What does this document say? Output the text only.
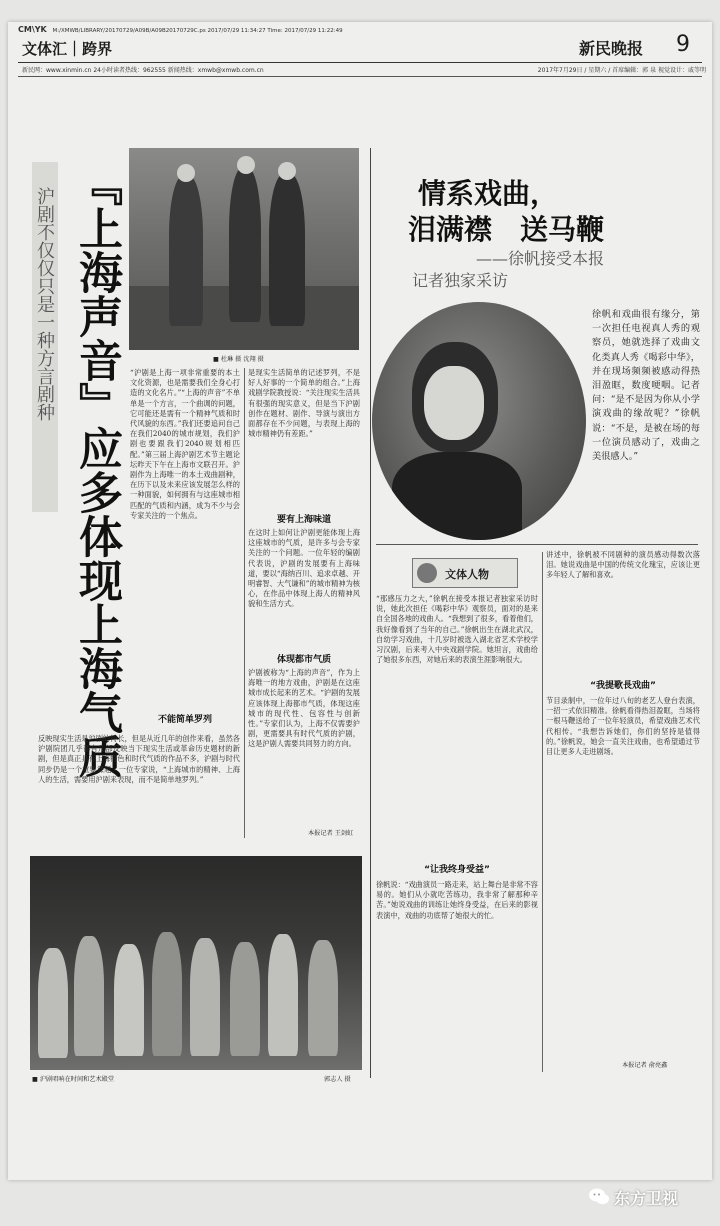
CM\YK M:/XMWB/LIBRARY/20170729/A09B/A09B20170729C.ps 2017/07/29 11:34:27 Time: 2017/07/29 11:22:49
文体汇｜跨界	新民晚报 9
新民网：www.xinmin.cn 24小时读者热线：962555 新闻热线：xmwb@xmwb.com.cn	2017年7月29日 / 星期六 / 首席编辑：郭 泉 视觉设计：戚等明
沪剧不仅仅只是一种方言剧种 『上海声音』应多体现上海气质	■ 杜琳 摄 沈翔 摄
“沪剧是上海一项非常重要的本土文化资源，也是需要我们全身心打造的文化名片。”“上海的声音”不单单是一个方言，一个曲调的问题，它可能还是需有一个精神气质和时代风貌的东西。”我们还要追问自己在我们2040的城市规划，我们沪剧也要跟我们2040规划相匹配。”第三届上海沪剧艺术节主题论坛昨天下午在上海市文联召开。沪剧作为上海唯一的本土戏曲剧种，在历下以及未来应该发展怎么样的一种面貌，如何拥有与这座城市相匹配的气质和内涵，成为不少与会专家关注的一个焦点。
不能简单罗列
反映现实生活是沪剧的特长，但是从近几年的创作来看，虽然各沪剧院团几乎都有几部反映当下现实生活或革命历史题材的新剧，但是真正具有上海特色和时代气质的作品不多，沪剧与时代同步仍是一个重要课题。一位专家说，“上海城市的精神、上海人的生活，需要用沪剧来表现，而不是简单地罗列。”
是现实生活简单的记述罗列，不是好人好事的一个简单的组合。”上海戏剧学院教授说：“关注现实生活具有很强的现实意义，但是当下沪剧创作在题材、剧作、导演与演出方面都存在不少问题，与表现上海的城市精神仍有差距。”
要有上海味道
在这时上如何让沪剧更能体现上海这座城市的气质，是许多与会专家关注的一个问题。一位年轻的编剧代表说，沪剧的发展要有上海味道，要以“海纳百川、追求卓越、开明睿智、大气谦和”的城市精神为核心，在作品中体现上海人的精神风貌和生活方式。
体现都市气质
沪剧被称为“上海的声音”，作为上海唯一的地方戏曲，沪剧是在这座城市成长起来的艺术。“沪剧的发展应该体现上海都市气质，体现这座城市的现代性、包容性与创新性。”专家们认为，上海不仅需要沪剧，更需要具有时代气质的沪剧，这是沪剧人需要共同努力的方向。
本报记者 王剑虹
■ 沪剧唱响在时间和艺术殿堂	郭志人 摄
情系戏曲，
泪满襟　送马鞭
——徐帆接受本报
记者独家采访
徐帆和戏曲很有缘分，第一次担任电视真人秀的观察员，她就选择了戏曲文化类真人秀《喝彩中华》，并在现场频频被感动得热泪盈眶，数度哽咽。记者问：“是不是因为你从小学演戏曲的缘故呢？”徐帆说：“不是，是被在场的每一位演员感动了，戏曲之美很感人。”
文体人物
“那感压力之大，”徐帆在接受本报记者独家采访时说，她此次担任《喝彩中华》观察员，面对的是来自全国各地的戏曲人。“我想到了很多，看着他们，我好像看到了当年的自己。”徐帆出生在湖北武汉，自幼学习戏曲，十几岁时被选入湖北省艺术学校学习汉剧，后来考入中央戏剧学院。她坦言，戏曲给了她很多东西，对她后来的表演生涯影响很大。
“让我终身受益”
徐帆说：“戏曲演员一路走来，站上舞台是非常不容易的。她们从小就吃苦练功，我非常了解那种辛苦。”她说戏曲的训练让她终身受益，在后来的影视表演中，戏曲的功底帮了她很大的忙。
讲述中，徐帆被不同剧种的演员感动得数次落泪。她说戏曲是中国的传统文化瑰宝，应该让更多年轻人了解和喜欢。
“我提歌長戏曲”
节目录制中，一位年过八旬的老艺人登台表演，一招一式依旧精准。徐帆看得热泪盈眶，当场将一根马鞭送给了一位年轻演员，希望戏曲艺术代代相传。“我想告诉她们，你们的坚持是值得的。”徐帆说，她会一直关注戏曲，也希望通过节目让更多人走进剧场。
本报记者 俞亮鑫
东方卫视
